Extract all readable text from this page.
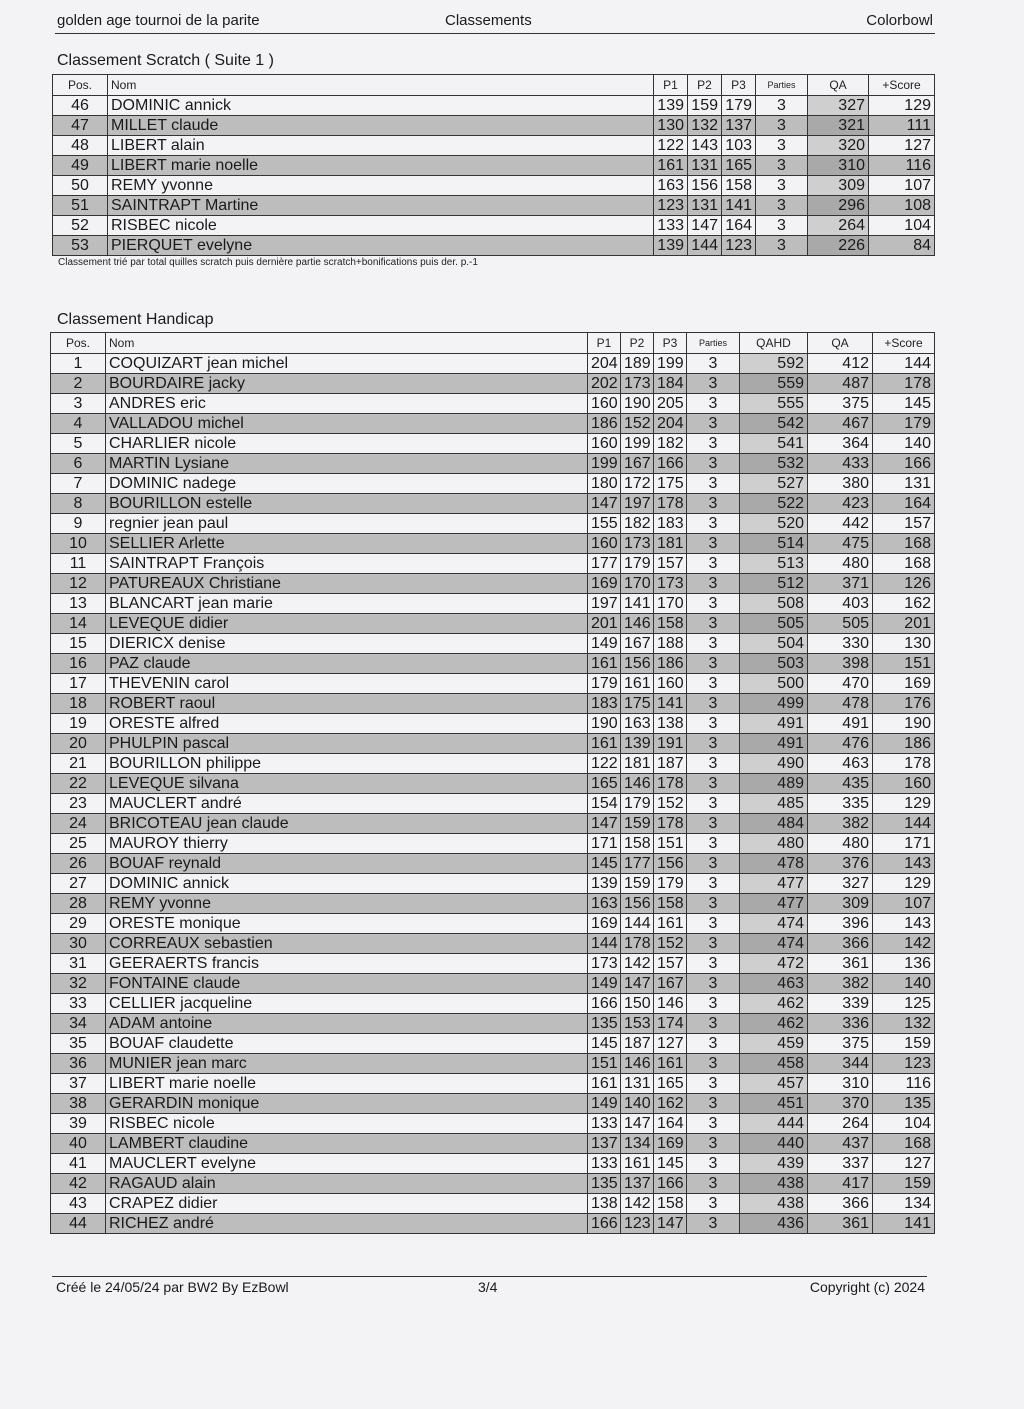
golden age tournoi de la parite	Classements	Colorbowl
Classement Scratch ( Suite 1 )
Pos.	Nom	P1	P2	P3	Parties	QA	+Score
46	DOMINIC annick	139	159	179	3	327	129
47	MILLET claude	130	132	137	3	321	111
48	LIBERT alain	122	143	103	3	320	127
49	LIBERT marie noelle	161	131	165	3	310	116
50	REMY yvonne	163	156	158	3	309	107
51	SAINTRAPT Martine	123	131	141	3	296	108
52	RISBEC nicole	133	147	164	3	264	104
53	PIERQUET evelyne	139	144	123	3	226	84
Classement trié par total quilles scratch puis dernière partie scratch+bonifications puis der. p.-1
Classement Handicap
Pos.	Nom	P1	P2	P3	Parties	QAHD	QA	+Score
1	COQUIZART jean michel	204	189	199	3	592	412	144
2	BOURDAIRE jacky	202	173	184	3	559	487	178
3	ANDRES eric	160	190	205	3	555	375	145
4	VALLADOU michel	186	152	204	3	542	467	179
5	CHARLIER nicole	160	199	182	3	541	364	140
6	MARTIN Lysiane	199	167	166	3	532	433	166
7	DOMINIC nadege	180	172	175	3	527	380	131
8	BOURILLON estelle	147	197	178	3	522	423	164
9	regnier jean paul	155	182	183	3	520	442	157
10	SELLIER Arlette	160	173	181	3	514	475	168
11	SAINTRAPT François	177	179	157	3	513	480	168
12	PATUREAUX Christiane	169	170	173	3	512	371	126
13	BLANCART jean marie	197	141	170	3	508	403	162
14	LEVEQUE didier	201	146	158	3	505	505	201
15	DIERICX denise	149	167	188	3	504	330	130
16	PAZ claude	161	156	186	3	503	398	151
17	THEVENIN carol	179	161	160	3	500	470	169
18	ROBERT raoul	183	175	141	3	499	478	176
19	ORESTE alfred	190	163	138	3	491	491	190
20	PHULPIN pascal	161	139	191	3	491	476	186
21	BOURILLON philippe	122	181	187	3	490	463	178
22	LEVEQUE silvana	165	146	178	3	489	435	160
23	MAUCLERT andré	154	179	152	3	485	335	129
24	BRICOTEAU jean claude	147	159	178	3	484	382	144
25	MAUROY thierry	171	158	151	3	480	480	171
26	BOUAF reynald	145	177	156	3	478	376	143
27	DOMINIC annick	139	159	179	3	477	327	129
28	REMY yvonne	163	156	158	3	477	309	107
29	ORESTE monique	169	144	161	3	474	396	143
30	CORREAUX sebastien	144	178	152	3	474	366	142
31	GEERAERTS francis	173	142	157	3	472	361	136
32	FONTAINE claude	149	147	167	3	463	382	140
33	CELLIER jacqueline	166	150	146	3	462	339	125
34	ADAM antoine	135	153	174	3	462	336	132
35	BOUAF claudette	145	187	127	3	459	375	159
36	MUNIER jean marc	151	146	161	3	458	344	123
37	LIBERT marie noelle	161	131	165	3	457	310	116
38	GERARDIN monique	149	140	162	3	451	370	135
39	RISBEC nicole	133	147	164	3	444	264	104
40	LAMBERT claudine	137	134	169	3	440	437	168
41	MAUCLERT evelyne	133	161	145	3	439	337	127
42	RAGAUD alain	135	137	166	3	438	417	159
43	CRAPEZ didier	138	142	158	3	438	366	134
44	RICHEZ andré	166	123	147	3	436	361	141
Créé le 24/05/24 par BW2 By EzBowl	3/4	Copyright (c) 2024
